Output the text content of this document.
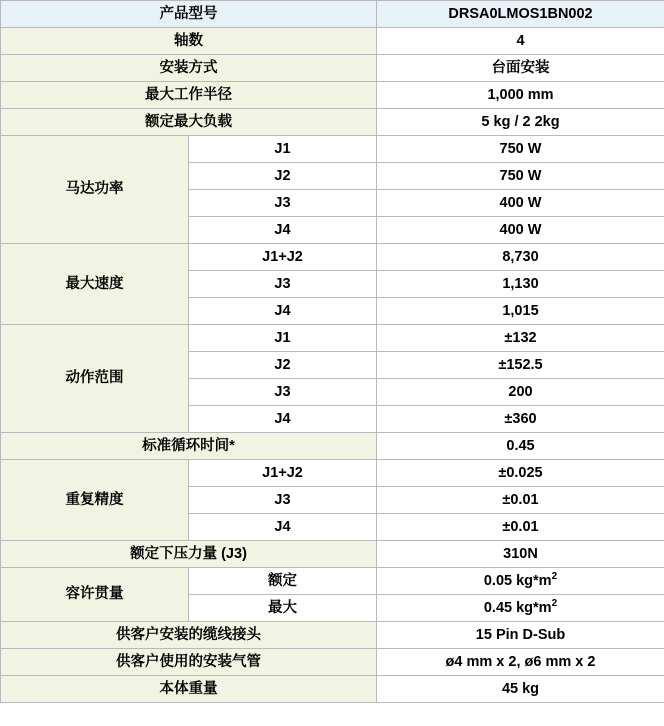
产品型号		DRSA0LMOS1BN002
轴数		4
安装方式		台面安装
最大工作半径		1,000 mm
额定最大负载		5 kg / 2 2kg
马达功率	J1	750 W
	J2	750 W
	J3	400 W
	J4	400 W
最大速度	J1+J2	8,730
	J3	1,130
	J4	1,015
动作范围	J1	±132
	J2	±152.5
	J3	200
	J4	±360
标准循环时间*		0.45
重复精度	J1+J2	±0.025
	J3	±0.01
	J4	±0.01
额定下压力量 (J3)		310N
容许贯量	额定	0.05 $kg*m^2$
	最大	0.45 $kg*m^2$
供客户安装的缆线接头		15 Pin D-Sub
供客户使用的安装气管		ø4 mm x 2, ø6 mm x 2
本体重量		45 kg
